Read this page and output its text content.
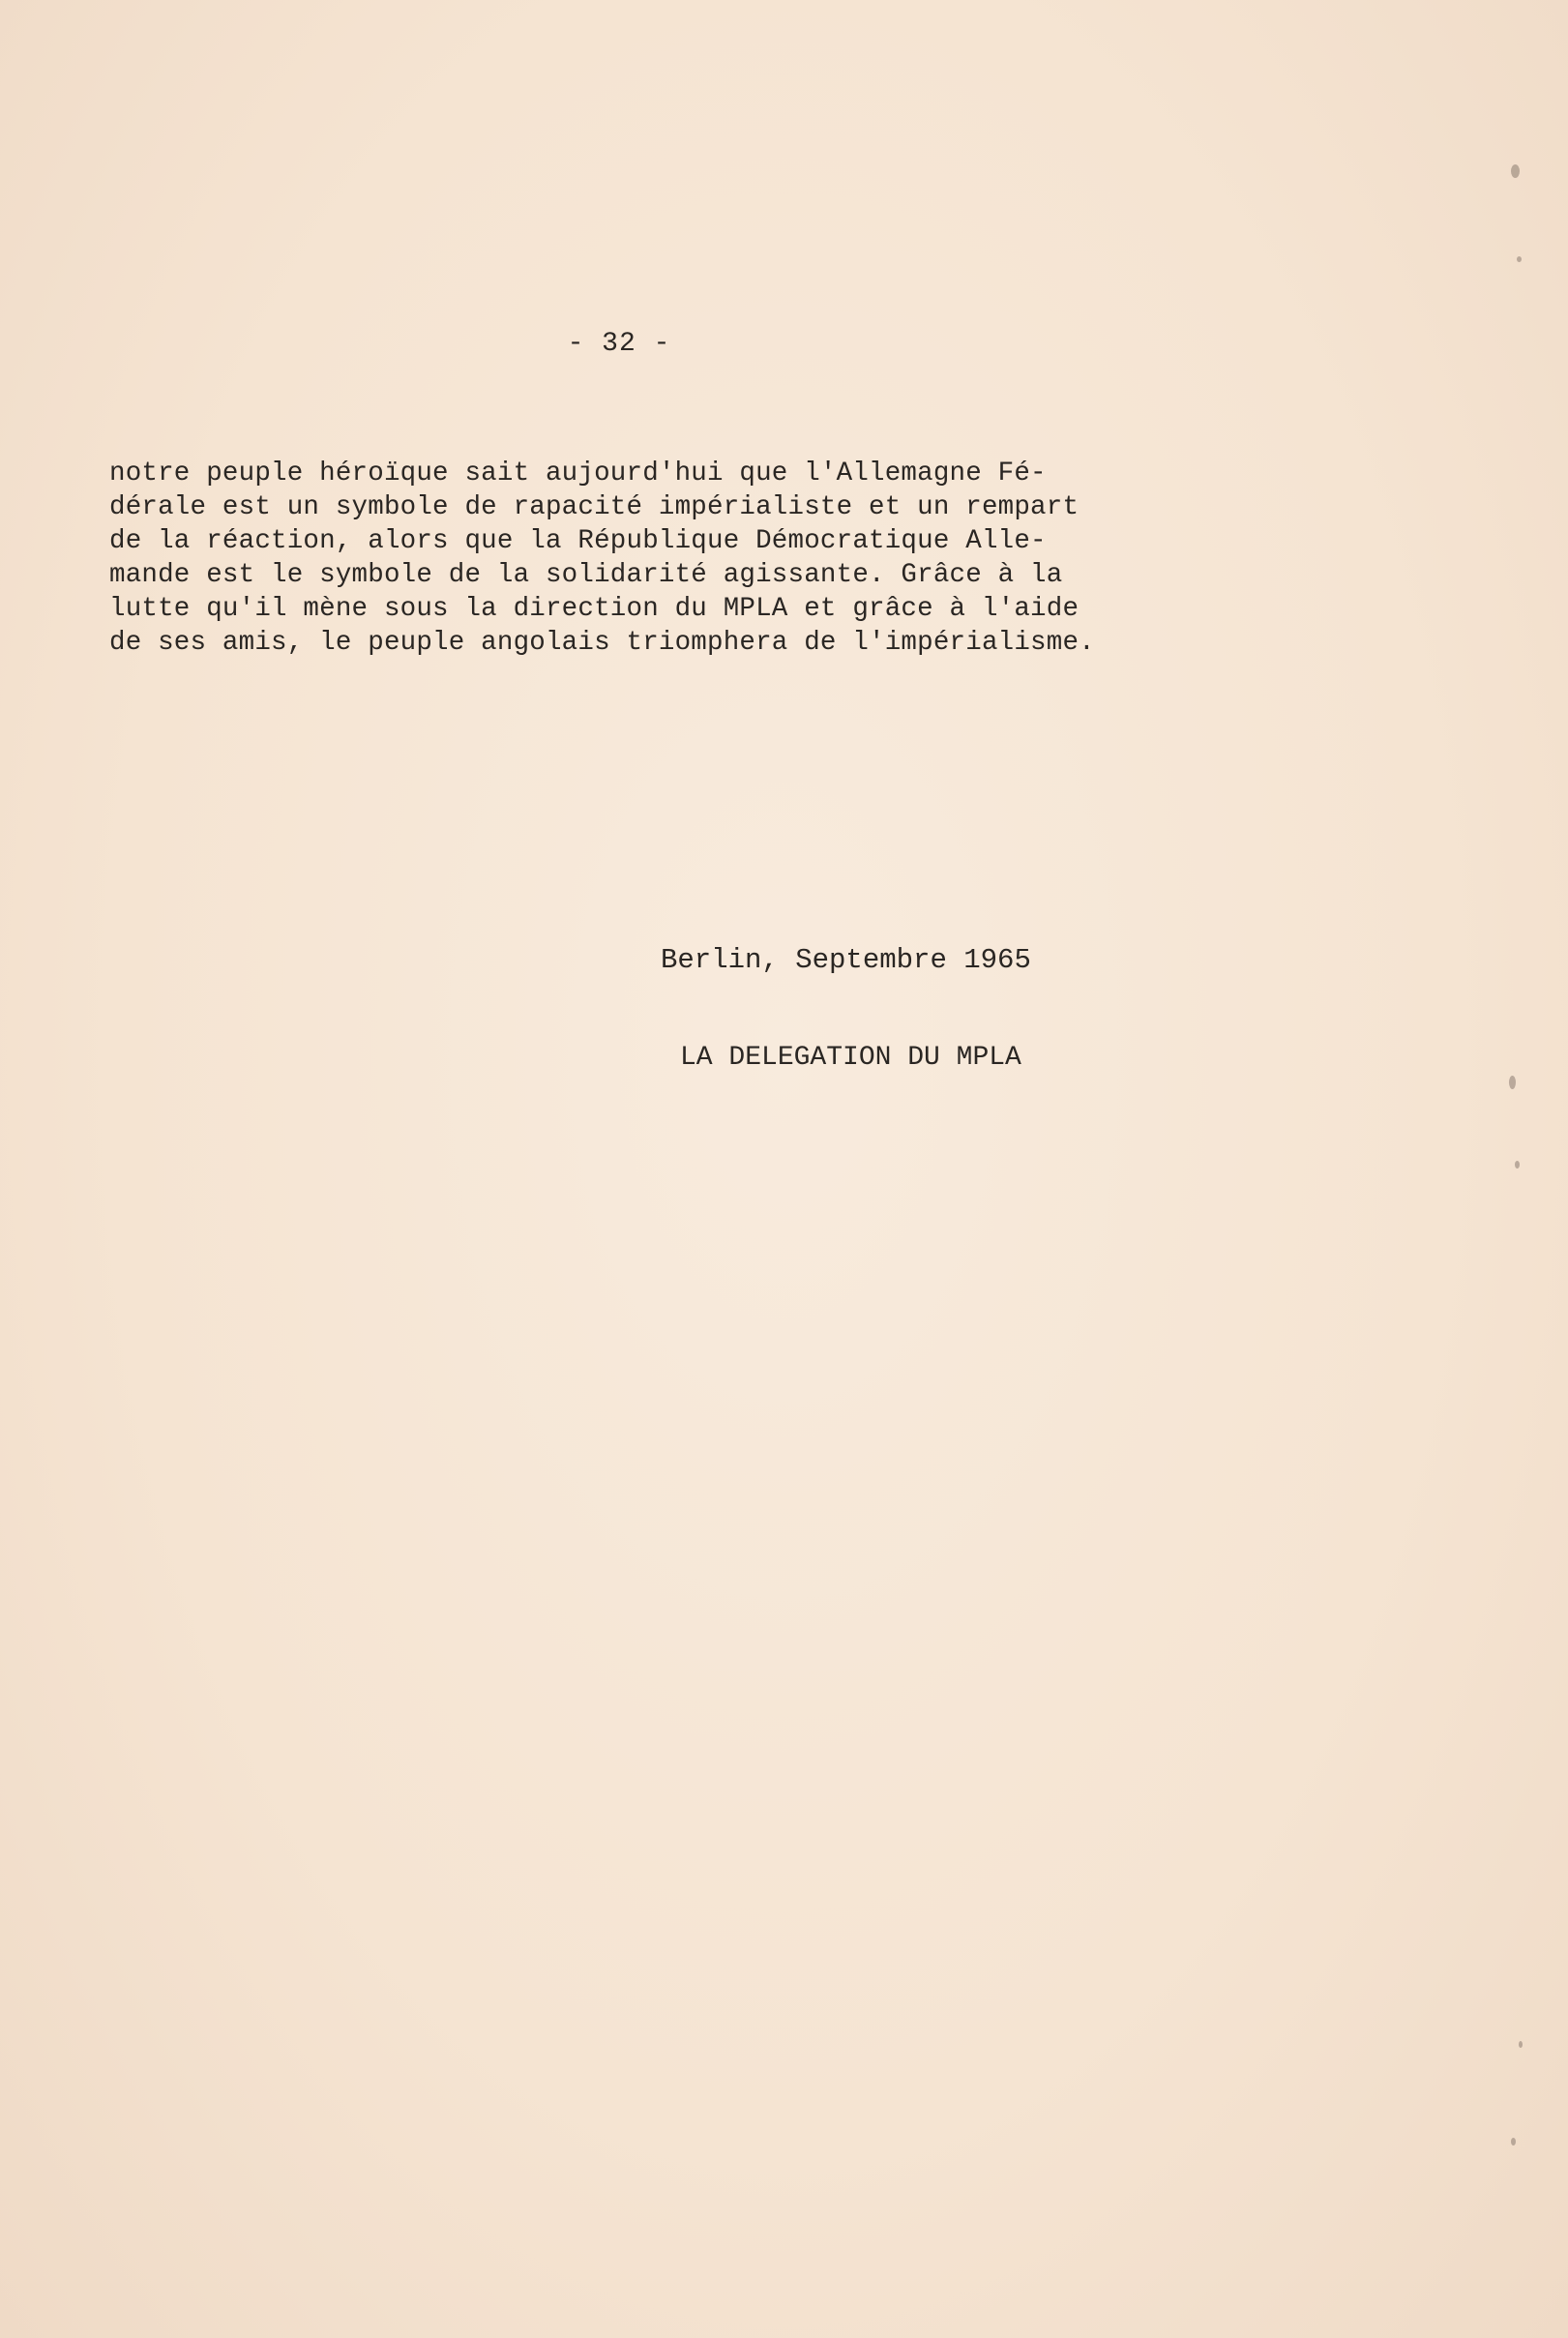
- 32 -
notre peuple héroïque sait aujourd'hui que l'Allemagne Fé-
dérale est un symbole de rapacité impérialiste et un rempart
de la réaction, alors que la République Démocratique Alle-
mande est le symbole de la solidarité agissante. Grâce à la
lutte qu'il mène sous la direction du MPLA et grâce à l'aide
de ses amis, le peuple angolais triomphera de l'impérialisme.
Berlin, Septembre 1965
LA DELEGATION DU MPLA
